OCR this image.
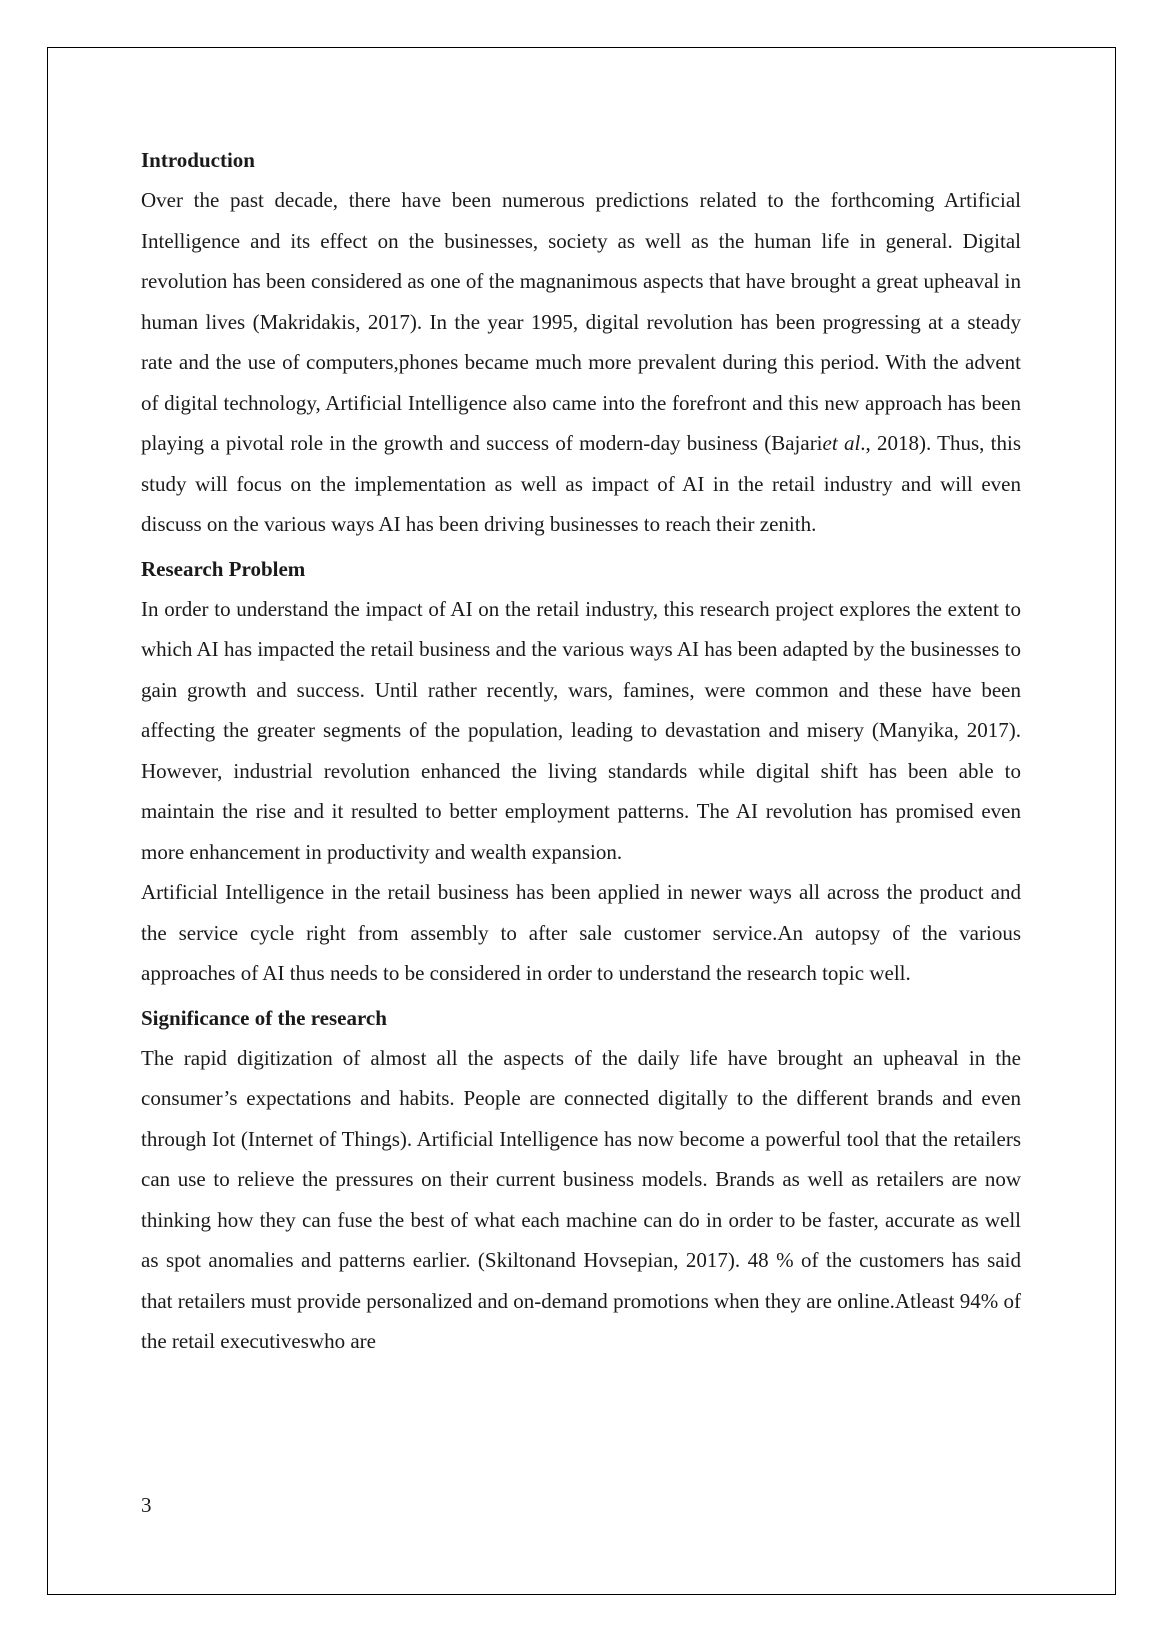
Introduction

Over the past decade, there have been numerous predictions related to the forthcoming Artificial Intelligence and its effect on the businesses, society as well as the human life in general. Digital revolution has been considered as one of the magnanimous aspects that have brought a great upheaval in human lives (Makridakis, 2017). In the year 1995, digital revolution has been progressing at a steady rate and the use of computers,phones became much more prevalent during this period. With the advent of digital technology, Artificial Intelligence also came into the forefront and this new approach has been playing a pivotal role in the growth and success of modern-day business (Bajariet al., 2018). Thus, this study will focus on the implementation as well as impact of AI in the retail industry and will even discuss on the various ways AI has been driving businesses to reach their zenith.

Research Problem

In order to understand the impact of AI on the retail industry, this research project explores the extent to which AI has impacted the retail business and the various ways AI has been adapted by the businesses to gain growth and success. Until rather recently, wars, famines, were common and these have been affecting the greater segments of the population, leading to devastation and misery (Manyika, 2017). However, industrial revolution enhanced the living standards while digital shift has been able to maintain the rise and it resulted to better employment patterns. The AI revolution has promised even more enhancement in productivity and wealth expansion.

Artificial Intelligence in the retail business has been applied in newer ways all across the product and the service cycle right from assembly to after sale customer service.An autopsy of the various approaches of AI thus needs to be considered in order to understand the research topic well.

Significance of the research

The rapid digitization of almost all the aspects of the daily life have brought an upheaval in the consumer’s expectations and habits. People are connected digitally to the different brands and even through Iot (Internet of Things). Artificial Intelligence has now become a powerful tool that the retailers can use to relieve the pressures on their current business models. Brands as well as retailers are now thinking how they can fuse the best of what each machine can do in order to be faster, accurate as well as spot anomalies and patterns earlier. (Skiltonand Hovsepian, 2017). 48 % of the customers has said that retailers must provide personalized and on-demand promotions when they are online.Atleast 94% of the retail executiveswho are

3
